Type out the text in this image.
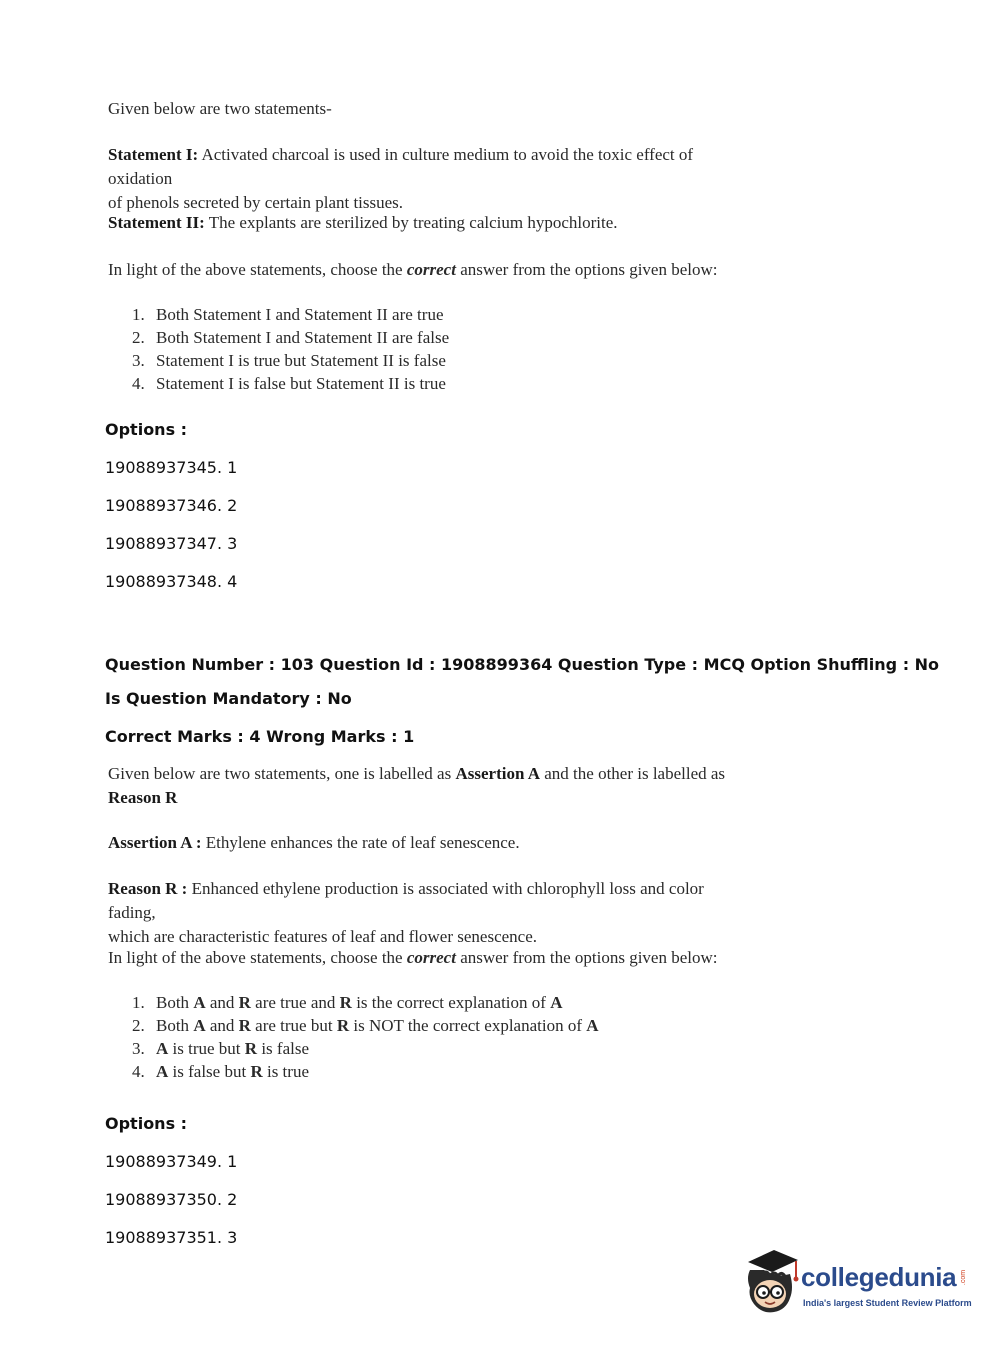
Given below are two statements-
Statement I: Activated charcoal is used in culture medium to avoid the toxic effect of oxidation
of phenols secreted by certain plant tissues.
Statement II: The explants are sterilized by treating calcium hypochlorite.
In light of the above statements, choose the correct answer from the options given below:
1. Both Statement I and Statement II are true
2. Both Statement I and Statement II are false
3. Statement I is true but Statement II is false
4. Statement I is false but Statement II is true
Options :
19088937345. 1
19088937346. 2
19088937347. 3
19088937348. 4
Question Number : 103 Question Id : 1908899364 Question Type : MCQ Option Shuffling : No
Is Question Mandatory : No
Correct Marks : 4 Wrong Marks : 1
Given below are two statements, one is labelled as Assertion A and the other is labelled as
Reason R
Assertion A : Ethylene enhances the rate of leaf senescence.
Reason R : Enhanced ethylene production is associated with chlorophyll loss and color fading,
which are characteristic features of leaf and flower senescence.
In light of the above statements, choose the correct answer from the options given below:
1. Both A and R are true and R is the correct explanation of A
2. Both A and R are true but R is NOT the correct explanation of A
3. A is true but R is false
4. A is false but R is true
Options :
19088937349. 1
19088937350. 2
19088937351. 3
collegedunia .com
India's largest Student Review Platform
